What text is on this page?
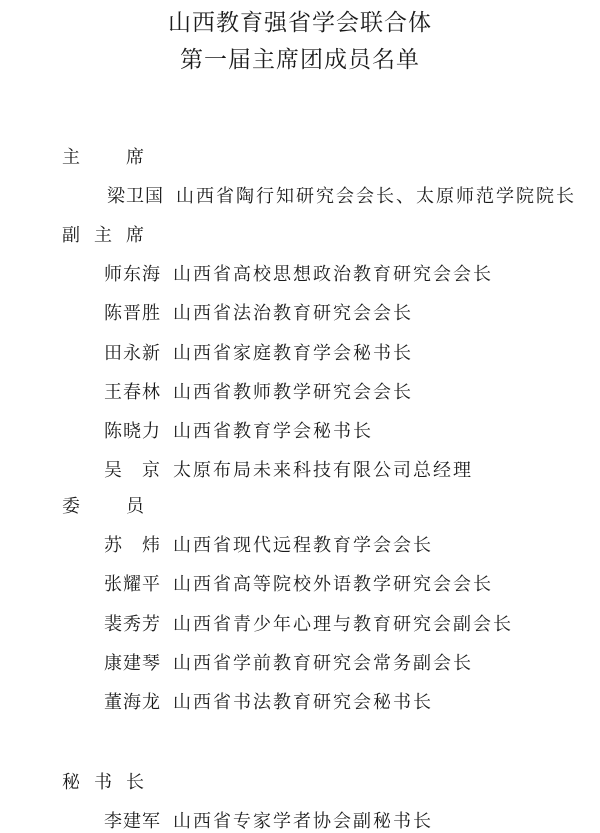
山西教育强省学会联合体
第一届主席团成员名单
主 席
梁卫国 山西省陶行知研究会会长、太原师范学院院长
副 主 席
师东海 山西省高校思想政治教育研究会会长
陈晋胜 山西省法治教育研究会会长
田永新 山西省家庭教育学会秘书长
王春林 山西省教师教学研究会会长
陈晓力 山西省教育学会秘书长
吴 京 太原布局未来科技有限公司总经理
委 员
苏 炜 山西省现代远程教育学会会长
张耀平 山西省高等院校外语教学研究会会长
裴秀芳 山西省青少年心理与教育研究会副会长
康建琴 山西省学前教育研究会常务副会长
董海龙 山西省书法教育研究会秘书长
秘 书 长
李建军 山西省专家学者协会副秘书长
